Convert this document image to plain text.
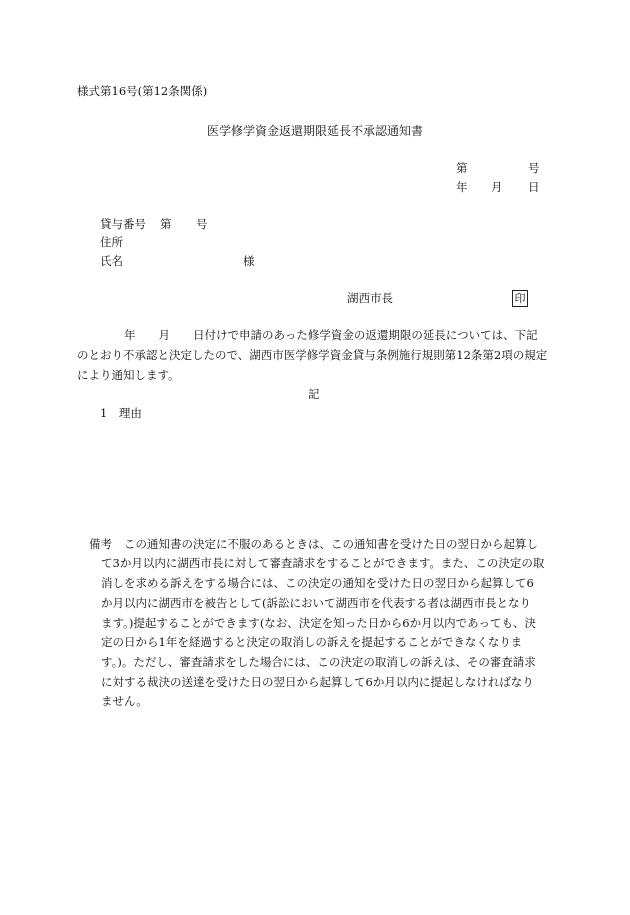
様式第16号(第12条関係)
医学修学資金返還期限延長不承認通知書
第	号
年 月 日
貸与番号 第 号
住所
氏名	様
湖西市長	印
年　　月　　日付けで申請のあった修学資金の返還期限の延長については、下記
のとおり不承認と決定したので、湖西市医学修学資金貸与条例施行規則第12条第2項の規定
により通知します。
記
1　理由
備考 この通知書の決定に不服のあるときは、この通知書を受けた日の翌日から起算し
て3か月以内に湖西市長に対して審査請求をすることができます。また、この決定の取
消しを求める訴えをする場合には、この決定の通知を受けた日の翌日から起算して6
か月以内に湖西市を被告として(訴訟において湖西市を代表する者は湖西市長となり
ます。)提起することができます(なお、決定を知った日から6か月以内であっても、決
定の日から1年を経過すると決定の取消しの訴えを提起することができなくなりま
す。)。ただし、審査請求をした場合には、この決定の取消しの訴えは、その審査請求
に対する裁決の送達を受けた日の翌日から起算して6か月以内に提起しなければなり
ません。
